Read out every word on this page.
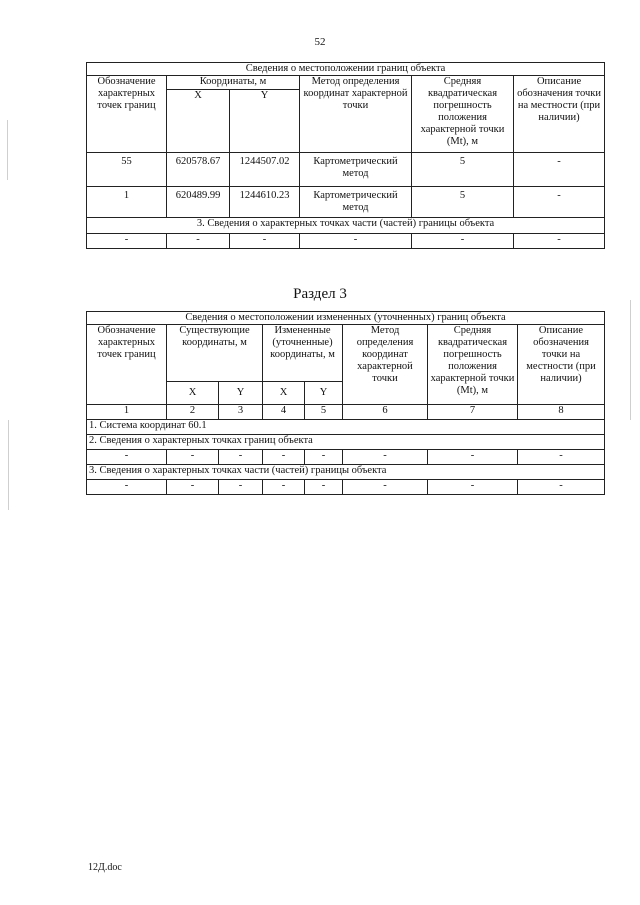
52
Сведения о местоположении границ объекта					
Обозначение характерных точек границ	Координаты, м		Метод определения координат характерной точки	Средняя квадратическая погрешность положения характерной точки (Mt), м	Описание обозначения точки на местности (при наличии)
	X	Y			
55	620578.67	1244507.02	Картометрический метод	5	-
1	620489.99	1244610.23	Картометрический метод	5	-
3. Сведения о характерных точках части (частей) границы объекта					
-	-	-	-	-	-
Раздел 3
Сведения о местоположении измененных (уточненных) границ объекта							
Обозначение характерных точек границ	Существующие координаты, м		Измененные (уточненные) координаты, м		Метод определения координат характерной точки	Средняя квадратическая погрешность положения характерной точки (Mt), м	Описание обозначения точки на местности (при наличии)
	X	Y	X	Y			
1	2	3	4	5	6	7	8
1. Система координат 60.1							
2. Сведения о характерных точках границ объекта							
-	-	-	-	-	-	-	-
3. Сведения о характерных точках части (частей) границы объекта							
-	-	-	-	-	-	-	-
12Д.doc
